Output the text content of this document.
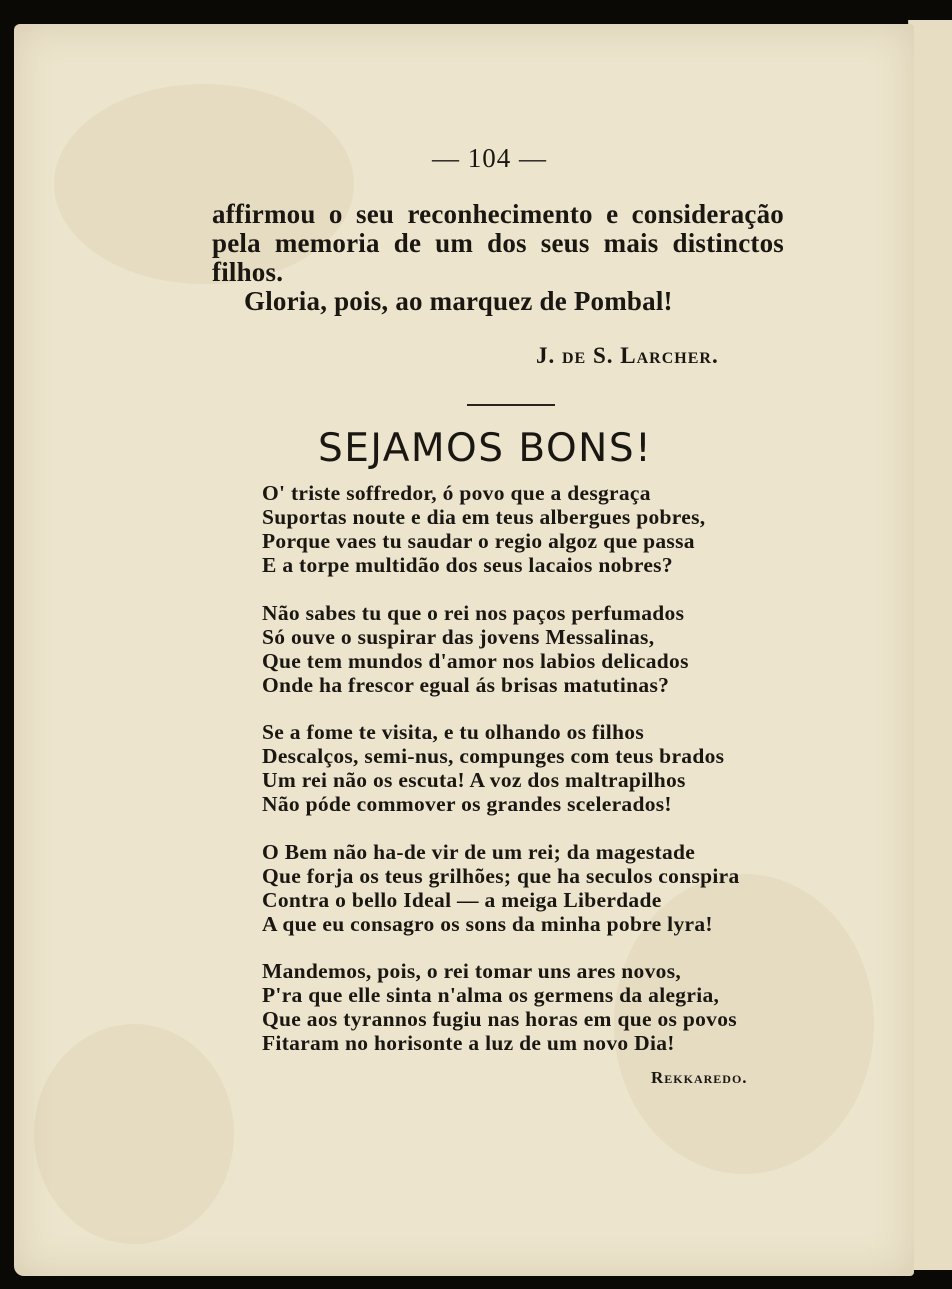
— 104 —
affirmou o seu reconhecimento e consideração
pela memoria de um dos seus mais distinctos
filhos.
Gloria, pois, ao marquez de Pombal!
J. de S. Larcher.
SEJAMOS BONS!
O' triste soffredor, ó povo que a desgraça
Suportas noute e dia em teus albergues pobres,
Porque vaes tu saudar o regio algoz que passa
E a torpe multidão dos seus lacaios nobres?
Não sabes tu que o rei nos paços perfumados
Só ouve o suspirar das jovens Messalinas,
Que tem mundos d'amor nos labios delicados
Onde ha frescor egual ás brisas matutinas?
Se a fome te visita, e tu olhando os filhos
Descalços, semi-nus, compunges com teus brados
Um rei não os escuta! A voz dos maltrapilhos
Não póde commover os grandes scelerados!
O Bem não ha-de vir de um rei; da magestade
Que forja os teus grilhões; que ha seculos conspira
Contra o bello Ideal — a meiga Liberdade
A que eu consagro os sons da minha pobre lyra!
Mandemos, pois, o rei tomar uns ares novos,
P'ra que elle sinta n'alma os germens da alegria,
Que aos tyrannos fugiu nas horas em que os povos
Fitaram no horisonte a luz de um novo Dia!
Rekkaredo.
